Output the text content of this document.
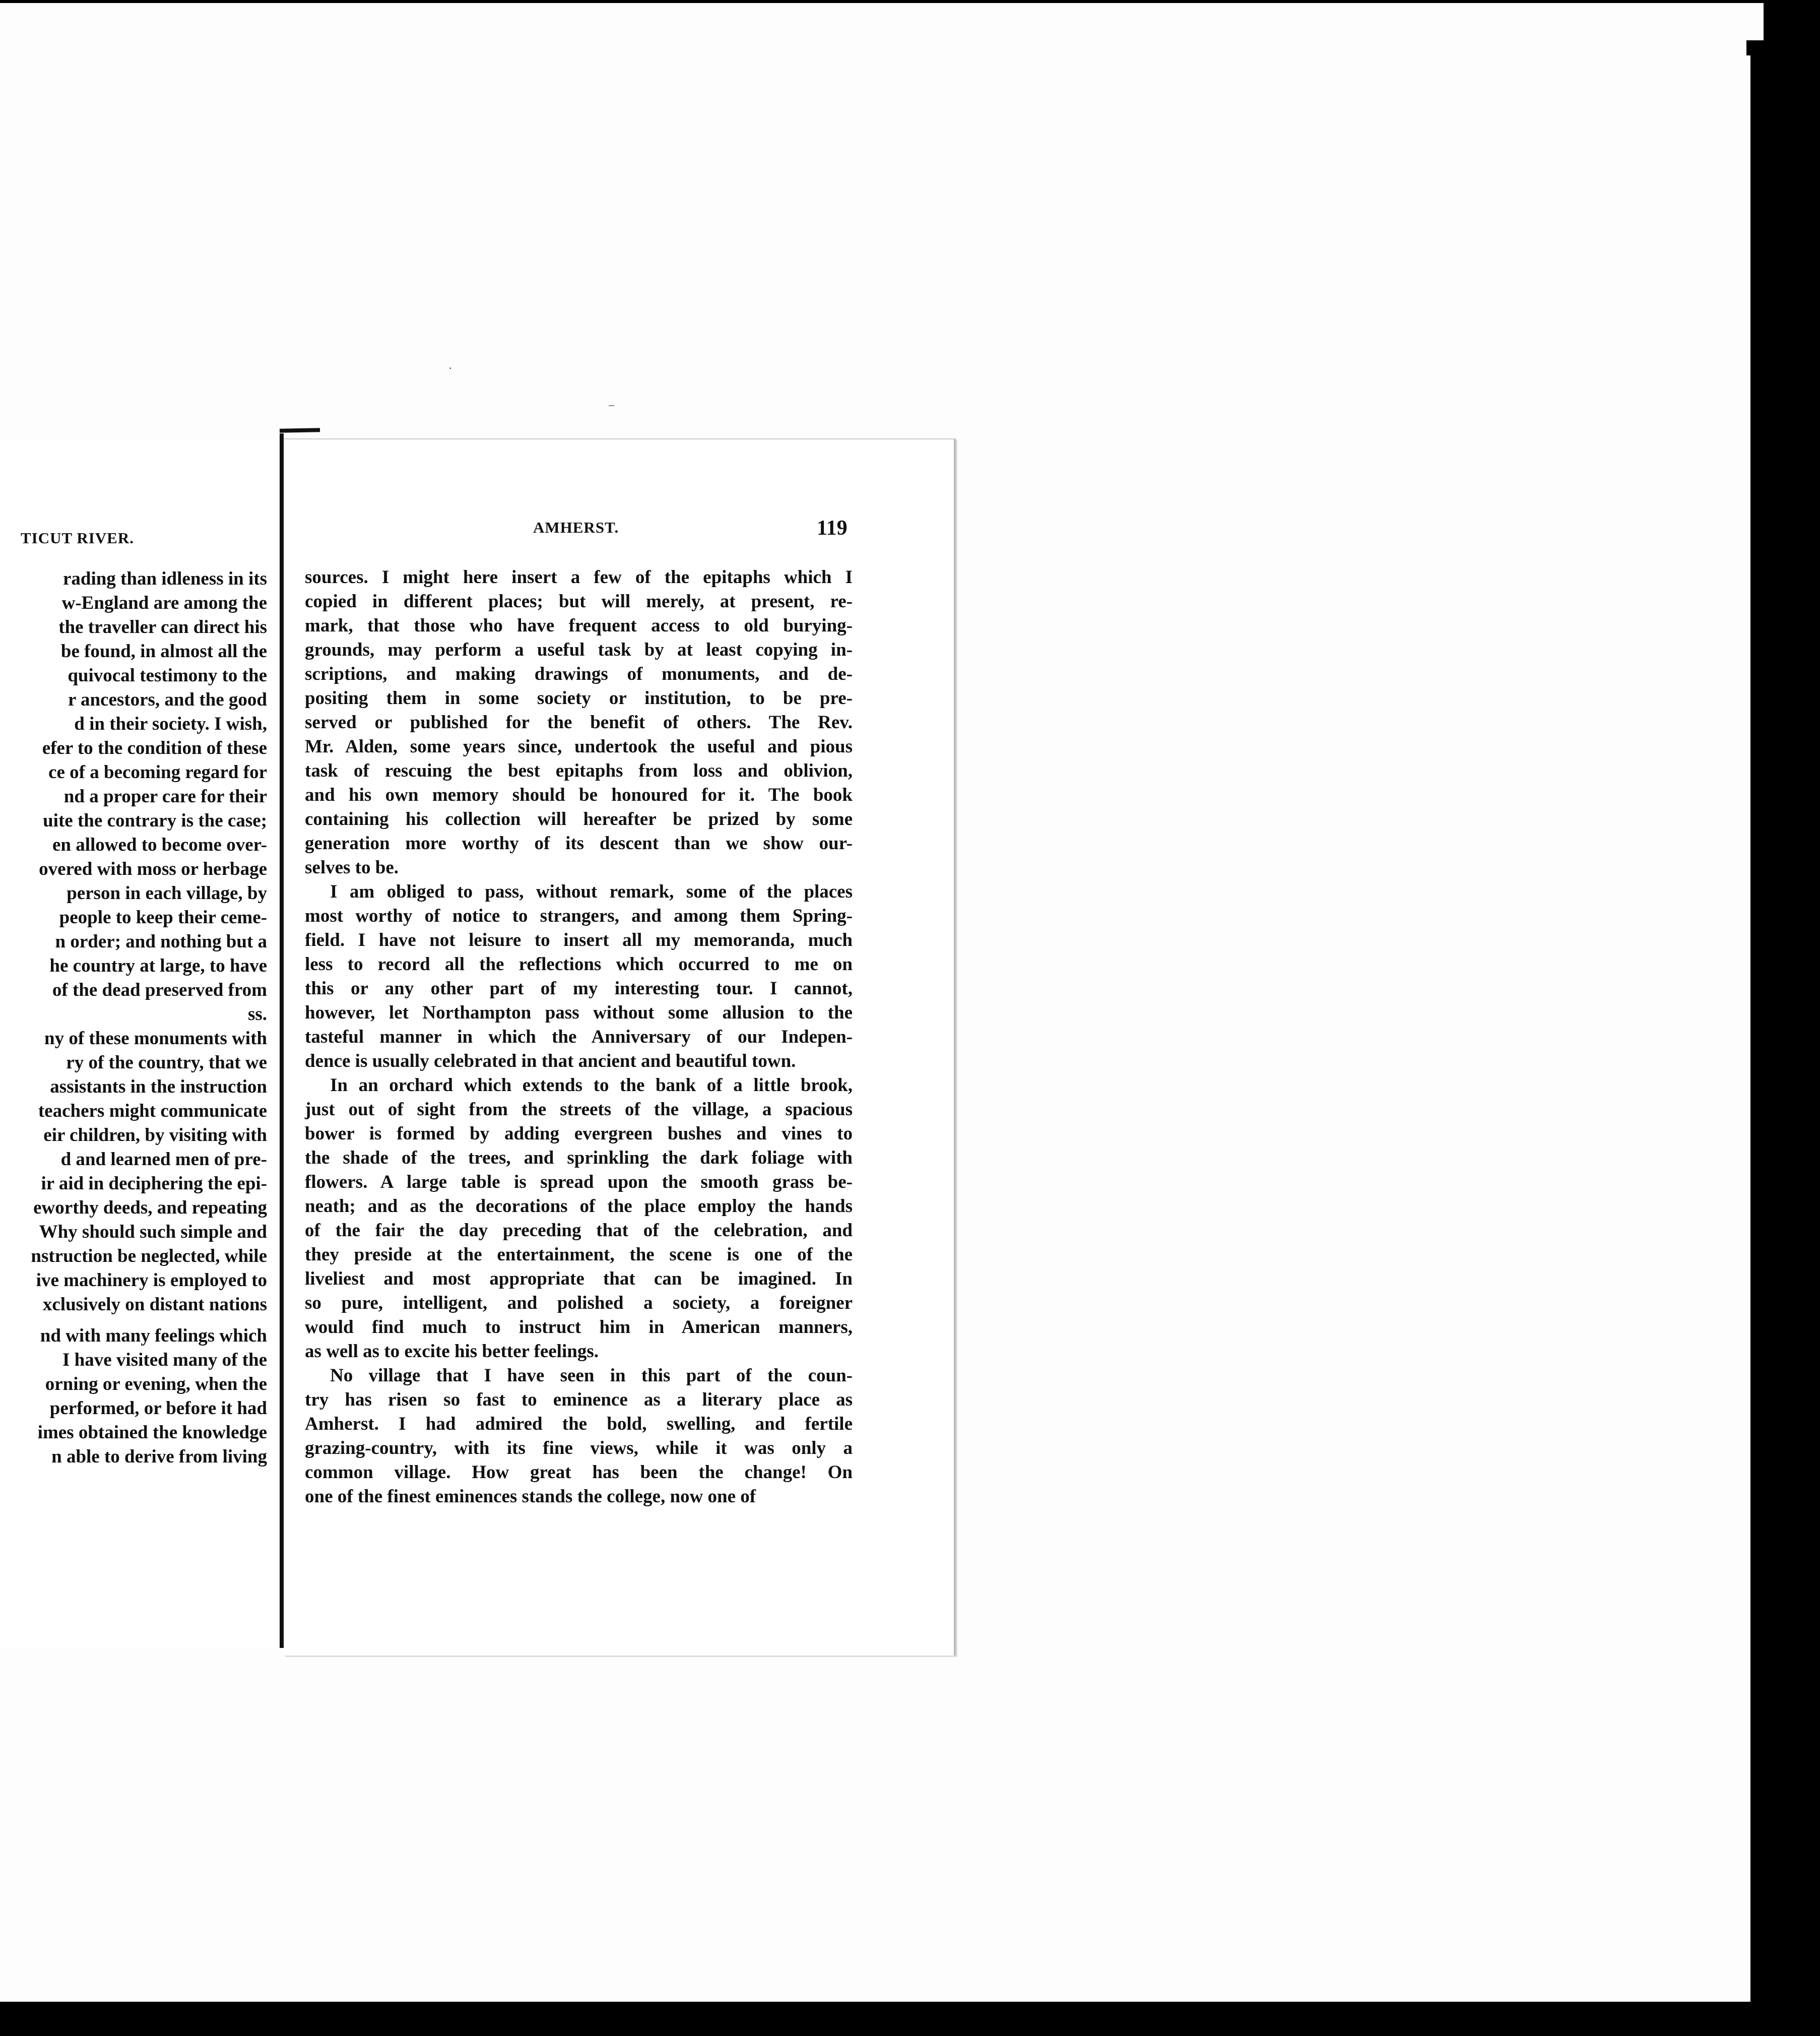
·
–
TICUT RIVER.
rading than idleness in its
w-England are among the
the traveller can direct his
be found, in almost all the
quivocal testimony to the
r ancestors, and the good
d in their society. I wish,
efer to the condition of these
ce of a becoming regard for
nd a proper care for their
uite the contrary is the case;
en allowed to become over-
overed with moss or herbage
person in each village, by
people to keep their ceme-
n order; and nothing but a
he country at large, to have
of the dead preserved from
ss.
ny of these monuments with
ry of the country, that we
assistants in the instruction
teachers might communicate
eir children, by visiting with
d and learned men of pre-
ir aid in deciphering the epi-
eworthy deeds, and repeating
Why should such simple and
nstruction be neglected, while
ive machinery is employed to
xclusively on distant nations
nd with many feelings which
I have visited many of the
orning or evening, when the
performed, or before it had
imes obtained the knowledge
n able to derive from living
AMHERST.	119

sources. I might here insert a few of the epitaphs which I
copied in different places; but will merely, at present, re-
mark, that those who have frequent access to old burying-
grounds, may perform a useful task by at least copying in-
scriptions, and making drawings of monuments, and de-
positing them in some society or institution, to be pre-
served or published for the benefit of others. The Rev.
Mr. Alden, some years since, undertook the useful and pious
task of rescuing the best epitaphs from loss and oblivion,
and his own memory should be honoured for it. The book
containing his collection will hereafter be prized by some
generation more worthy of its descent than we show our-
selves to be.

I am obliged to pass, without remark, some of the places
most worthy of notice to strangers, and among them Spring-
field. I have not leisure to insert all my memoranda, much
less to record all the reflections which occurred to me on
this or any other part of my interesting tour. I cannot,
however, let Northampton pass without some allusion to the
tasteful manner in which the Anniversary of our Indepen-
dence is usually celebrated in that ancient and beautiful town.

In an orchard which extends to the bank of a little brook,
just out of sight from the streets of the village, a spacious
bower is formed by adding evergreen bushes and vines to
the shade of the trees, and sprinkling the dark foliage with
flowers. A large table is spread upon the smooth grass be-
neath; and as the decorations of the place employ the hands
of the fair the day preceding that of the celebration, and
they preside at the entertainment, the scene is one of the
liveliest and most appropriate that can be imagined. In
so pure, intelligent, and polished a society, a foreigner
would find much to instruct him in American manners,
as well as to excite his better feelings.

No village that I have seen in this part of the coun-
try has risen so fast to eminence as a literary place as
Amherst. I had admired the bold, swelling, and fertile
grazing-country, with its fine views, while it was only a
common village. How great has been the change! On
one of the finest eminences stands the college, now one of
